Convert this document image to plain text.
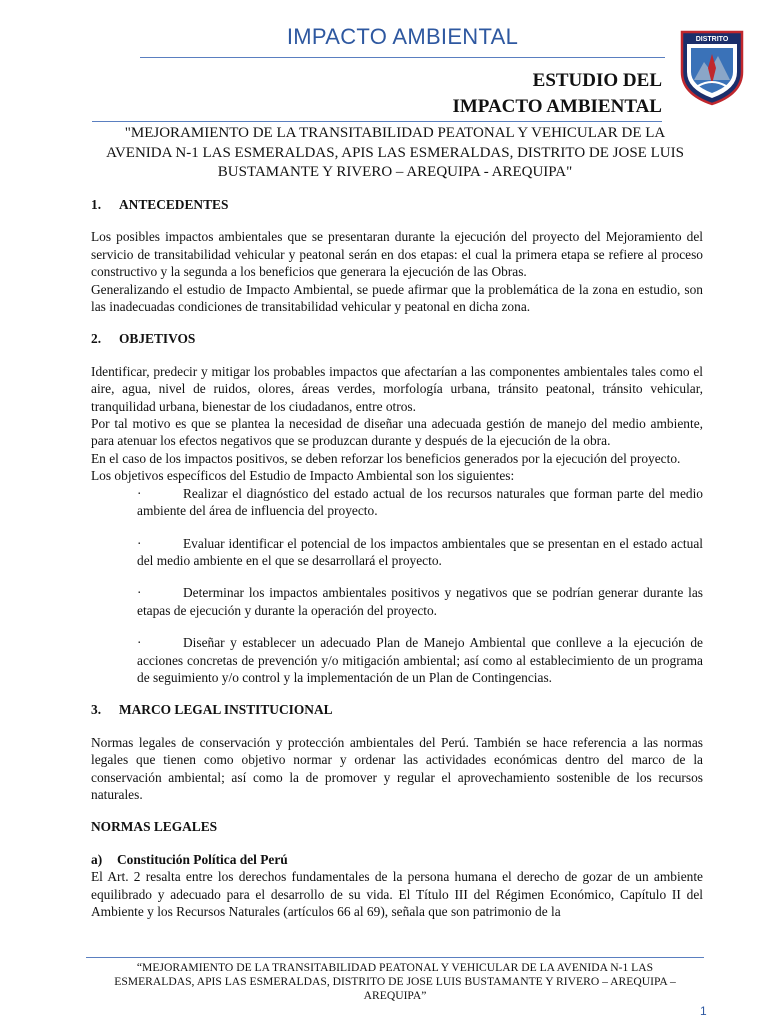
IMPACTO AMBIENTAL	DISTRITO
ESTUDIO DEL
IMPACTO AMBIENTAL
"MEJORAMIENTO DE LA TRANSITABILIDAD PEATONAL Y VEHICULAR DE LA AVENIDA N-1 LAS ESMERALDAS, APIS LAS ESMERALDAS, DISTRITO DE JOSE LUIS BUSTAMANTE Y RIVERO – AREQUIPA - AREQUIPA"
1. ANTECEDENTES

Los posibles impactos ambientales que se presentaran durante la ejecución del proyecto del Mejoramiento del servicio de transitabilidad vehicular y peatonal serán en dos etapas: el cual la primera etapa se refiere al proceso constructivo y la segunda a los beneficios que generara la ejecución de las Obras.

Generalizando el estudio de Impacto Ambiental, se puede afirmar que la problemática de la zona en estudio, son las inadecuadas condiciones de transitabilidad vehicular y peatonal en dicha zona.

2. OBJETIVOS

Identificar, predecir y mitigar los probables impactos que afectarían a las componentes ambientales tales como el aire, agua, nivel de ruidos, olores, áreas verdes, morfología urbana, tránsito peatonal, tránsito vehicular, tranquilidad urbana, bienestar de los ciudadanos, entre otros.

Por tal motivo es que se plantea la necesidad de diseñar una adecuada gestión de manejo del medio ambiente, para atenuar los efectos negativos que se produzcan durante y después de la ejecución de la obra.

En el caso de los impactos positivos, se deben reforzar los beneficios generados por la ejecución del proyecto.

Los objetivos específicos del Estudio de Impacto Ambiental son los siguientes:

·	Realizar el diagnóstico del estado actual de los recursos naturales que forman parte del medio ambiente del área de influencia del proyecto.
·	Evaluar identificar el potencial de los impactos ambientales que se presentan en el estado actual del medio ambiente en el que se desarrollará el proyecto.
·	Determinar los impactos ambientales positivos y negativos que se podrían generar durante las etapas de ejecución y durante la operación del proyecto.
·	Diseñar y establecer un adecuado Plan de Manejo Ambiental que conlleve a la ejecución de acciones concretas de prevención y/o mitigación ambiental; así como al establecimiento de un programa de seguimiento y/o control y la implementación de un Plan de Contingencias.
3. MARCO LEGAL INSTITUCIONAL

Normas legales de conservación y protección ambientales del Perú. También se hace referencia a las normas legales que tienen como objetivo normar y ordenar las actividades económicas dentro del marco de la conservación ambiental; así como la de promover y regular el aprovechamiento sostenible de los recursos naturales.

NORMAS LEGALES
a) Constitución Política del Perú

El Art. 2 resalta entre los derechos fundamentales de la persona humana el derecho de gozar de un ambiente equilibrado y adecuado para el desarrollo de su vida. El Título III del Régimen Económico, Capítulo II del Ambiente y los Recursos Naturales (artículos 66 al 69), señala que son patrimonio de la

“MEJORAMIENTO DE LA TRANSITABILIDAD PEATONAL Y VEHICULAR DE LA AVENIDA N-1 LAS ESMERALDAS, APIS LAS ESMERALDAS, DISTRITO DE JOSE LUIS BUSTAMANTE Y RIVERO – AREQUIPA – AREQUIPA”
1
